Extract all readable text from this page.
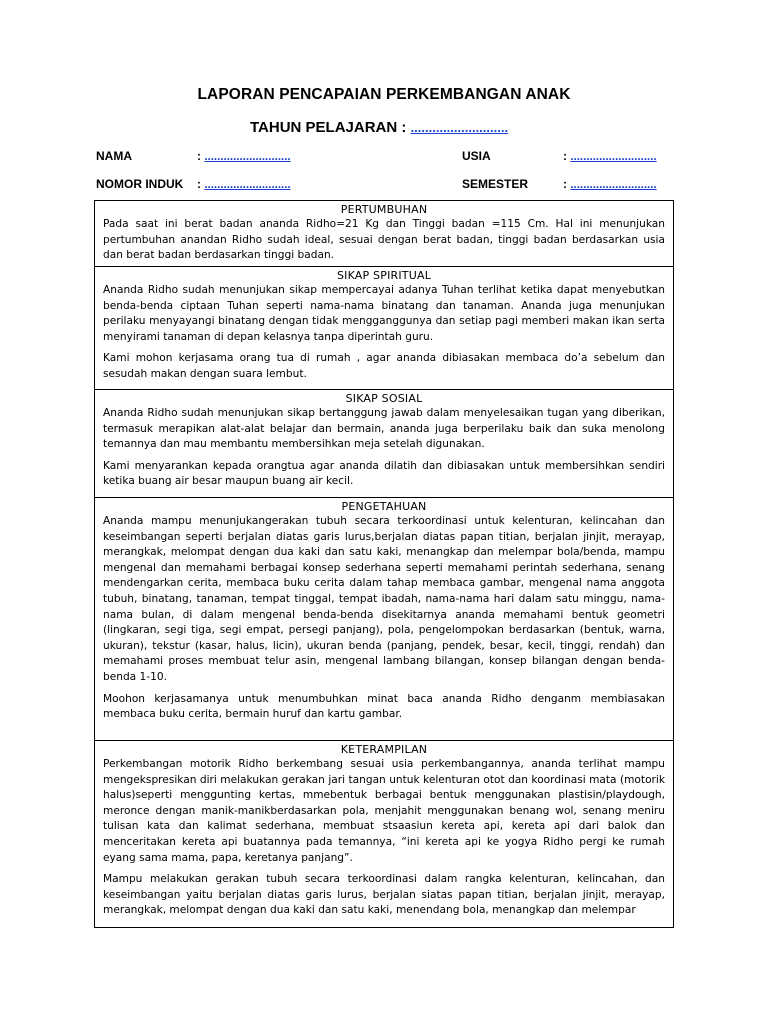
LAPORAN PENCAPAIAN PERKEMBANGAN ANAK
TAHUN PELAJARAN : ...........................
NAMA	: ...........................	USIA	: ...........................
NOMOR INDUK : ...........................	SEMESTER	: ...........................
PERTUMBUHAN

Pada saat ini berat badan ananda Ridho=21 Kg dan Tinggi badan =115 Cm. Hal ini menunjukan pertumbuhan anandan Ridho sudah ideal, sesuai dengan berat badan, tinggi badan berdasarkan usia dan berat badan berdasarkan tinggi badan.

SIKAP SPIRITUAL

Ananda Ridho sudah menunjukan sikap mempercayai adanya Tuhan terlihat ketika dapat menyebutkan benda-benda ciptaan Tuhan seperti nama-nama binatang dan tanaman. Ananda juga menunjukan perilaku menyayangi binatang dengan tidak mengganggunya dan setiap pagi memberi makan ikan serta menyirami tanaman di depan kelasnya tanpa diperintah guru.

Kami mohon kerjasama orang tua di rumah , agar ananda dibiasakan membaca do’a sebelum dan sesudah makan dengan suara lembut.

SIKAP SOSIAL

Ananda Ridho sudah menunjukan sikap bertanggung jawab dalam menyelesaikan tugan yang diberikan, termasuk merapikan alat-alat belajar dan bermain, ananda juga berperilaku baik dan suka menolong temannya dan mau membantu membersihkan meja setelah digunakan.

Kami menyarankan kepada orangtua agar ananda dilatih dan dibiasakan untuk membersihkan sendiri ketika buang air besar maupun buang air kecil.

PENGETAHUAN

Ananda mampu menunjukangerakan tubuh secara terkoordinasi untuk kelenturan, kelincahan dan keseimbangan seperti berjalan diatas garis lurus,berjalan diatas papan titian, berjalan jinjit, merayap, merangkak, melompat dengan dua kaki dan satu kaki, menangkap dan melempar bola/benda, mampu mengenal dan memahami berbagai konsep sederhana seperti memahami perintah sederhana, senang mendengarkan cerita, membaca buku cerita dalam tahap membaca gambar, mengenal nama anggota tubuh, binatang, tanaman, tempat tinggal, tempat ibadah, nama-nama hari dalam satu minggu, nama-nama bulan, di dalam mengenal benda-benda disekitarnya ananda memahami bentuk geometri (lingkaran, segi tiga, segi empat, persegi panjang), pola, pengelompokan berdasarkan (bentuk, warna, ukuran), tekstur (kasar, halus, licin), ukuran benda (panjang, pendek, besar, kecil, tinggi, rendah) dan memahami proses membuat telur asin, mengenal lambang bilangan, konsep bilangan dengan benda-benda 1-10.

Moohon kerjasamanya untuk menumbuhkan minat baca ananda Ridho denganm membiasakan membaca buku cerita, bermain huruf dan kartu gambar.

KETERAMPILAN

Perkembangan motorik Ridho berkembang sesuai usia perkembangannya, ananda terlihat mampu mengekspresikan diri melakukan gerakan jari tangan untuk kelenturan otot dan koordinasi mata (motorik halus)seperti menggunting kertas, mmebentuk berbagai bentuk menggunakan plastisin/playdough, meronce dengan manik-manikberdasarkan pola, menjahit menggunakan benang wol, senang meniru tulisan kata dan kalimat sederhana, membuat stsaasiun kereta api, kereta api dari balok dan menceritakan kereta api buatannya pada temannya, “ini kereta api ke yogya Ridho pergi ke rumah eyang sama mama, papa, keretanya panjang”.

Mampu melakukan gerakan tubuh secara terkoordinasi dalam rangka kelenturan, kelincahan, dan keseimbangan yaitu berjalan diatas garis lurus, berjalan siatas papan titian, berjalan jinjit, merayap, merangkak, melompat dengan dua kaki dan satu kaki, menendang bola, menangkap dan melempar
